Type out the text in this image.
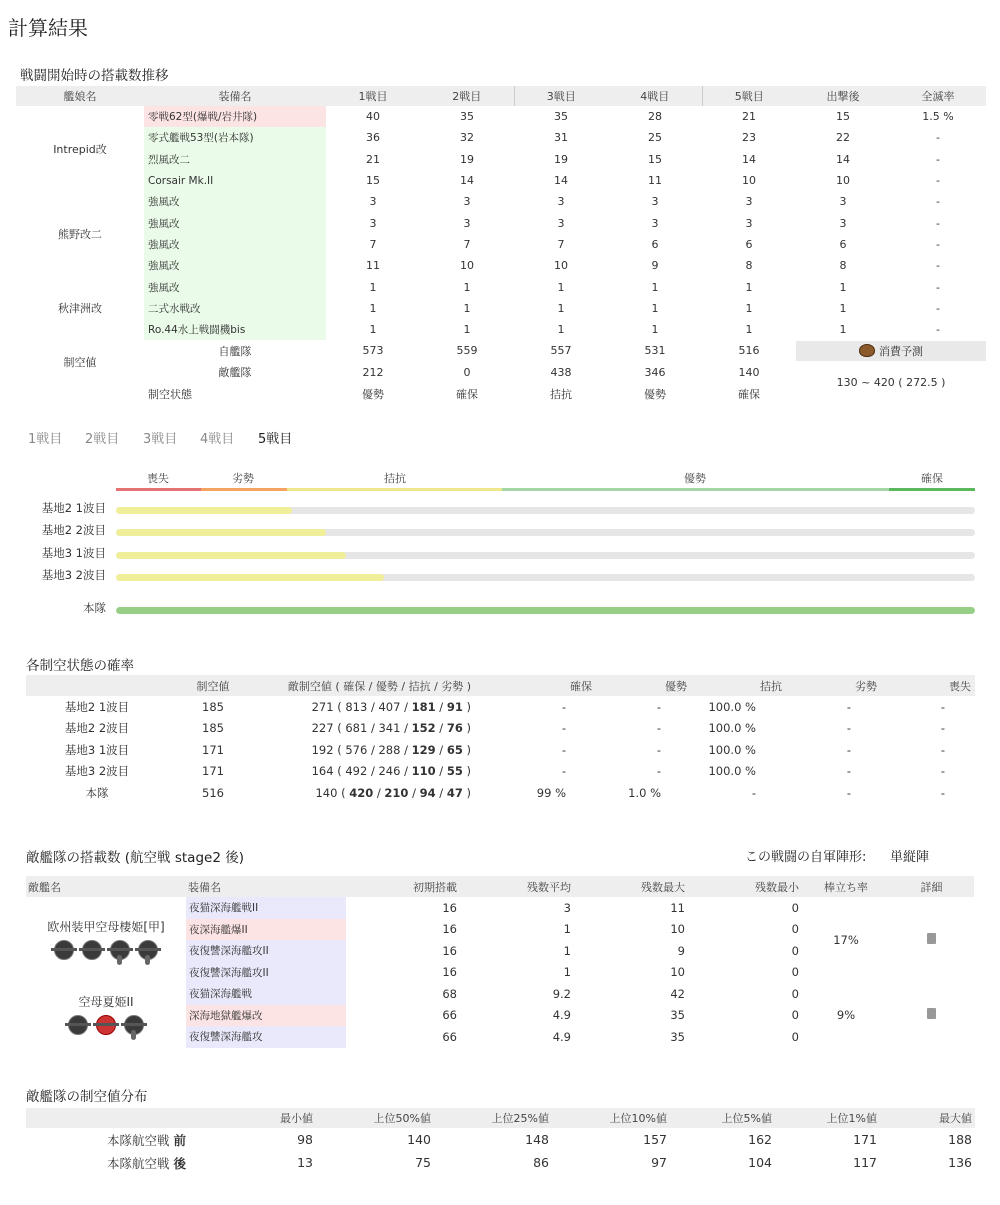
計算結果
戦闘開始時の搭載数推移
艦娘名	装備名	1戦目	2戦目	3戦目	4戦目	5戦目	出撃後	全滅率
Intrepid改	零戦62型(爆戦/岩井隊)	40	35	35	28	21	15	1.5 %
	零式艦戦53型(岩本隊)	36	32	31	25	23	22	-
	烈風改二	21	19	19	15	14	14	-
	Corsair Mk.II	15	14	14	11	10	10	-
熊野改二	強風改	3	3	3	3	3	3	-
	強風改	3	3	3	3	3	3	-
	強風改	7	7	7	6	6	6	-
	強風改	11	10	10	9	8	8	-
秋津洲改	強風改	1	1	1	1	1	1	-
	二式水戦改	1	1	1	1	1	1	-
	Ro.44水上戦闘機bis	1	1	1	1	1	1	-
制空値	自艦隊	573	559	557	531	516	消費予測	

	敵艦隊	212	0	438	346	140	130 ~ 420 ( 272.5 )	
	制空状態	優勢	確保	拮抗	優勢	確保		
1戦目 2戦目 3戦目 4戦目 5戦目
喪失	劣勢	拮抗	優勢	確保
基地2 1波目
基地2 2波目
基地3 1波目
基地3 2波目
本隊
各制空状態の確率
	制空値	敵制空値 ( 確保 / 優勢 / 拮抗 / 劣勢 )	確保	優勢	拮抗	劣勢	喪失
基地2 1波目	185	271 ( 813 / 407 / 181 / 91 )	-	-	100.0 %	-	-
基地2 2波目	185	227 ( 681 / 341 / 152 / 76 )	-	-	100.0 %	-	-
基地3 1波目	171	192 ( 576 / 288 / 129 / 65 )	-	-	100.0 %	-	-
基地3 2波目	171	164 ( 492 / 246 / 110 / 55 )	-	-	100.0 %	-	-
本隊	516	140 ( 420 / 210 / 94 / 47 )	99 %	1.0 %	-	-	-
敵艦隊の搭載数 (航空戦 stage2 後)	この戦闘の自軍陣形: 単縦陣
敵艦名	装備名	初期搭載	残数平均	残数最大	残数最小	棒立ち率	詳細

欧州装甲空母棲姫[甲]	夜猫深海艦戦II	16	3	11	0	17%	
	夜深海艦爆II	16	1	10	0		
	夜復讐深海艦攻II	16	1	9	0		
	夜復讐深海艦攻II	16	1	10	0		

空母夏姫II	夜猫深海艦戦	68	9.2	42	0	9%	
	深海地獄艦爆改	66	4.9	35	0		
	夜復讐深海艦攻	66	4.9	35	0		
敵艦隊の制空値分布
	最小値	上位50%値	上位25%値	上位10%値	上位5%値	上位1%値	最大値
本隊航空戦 前	98	140	148	157	162	171	188
本隊航空戦 後	13	75	86	97	104	117	136
